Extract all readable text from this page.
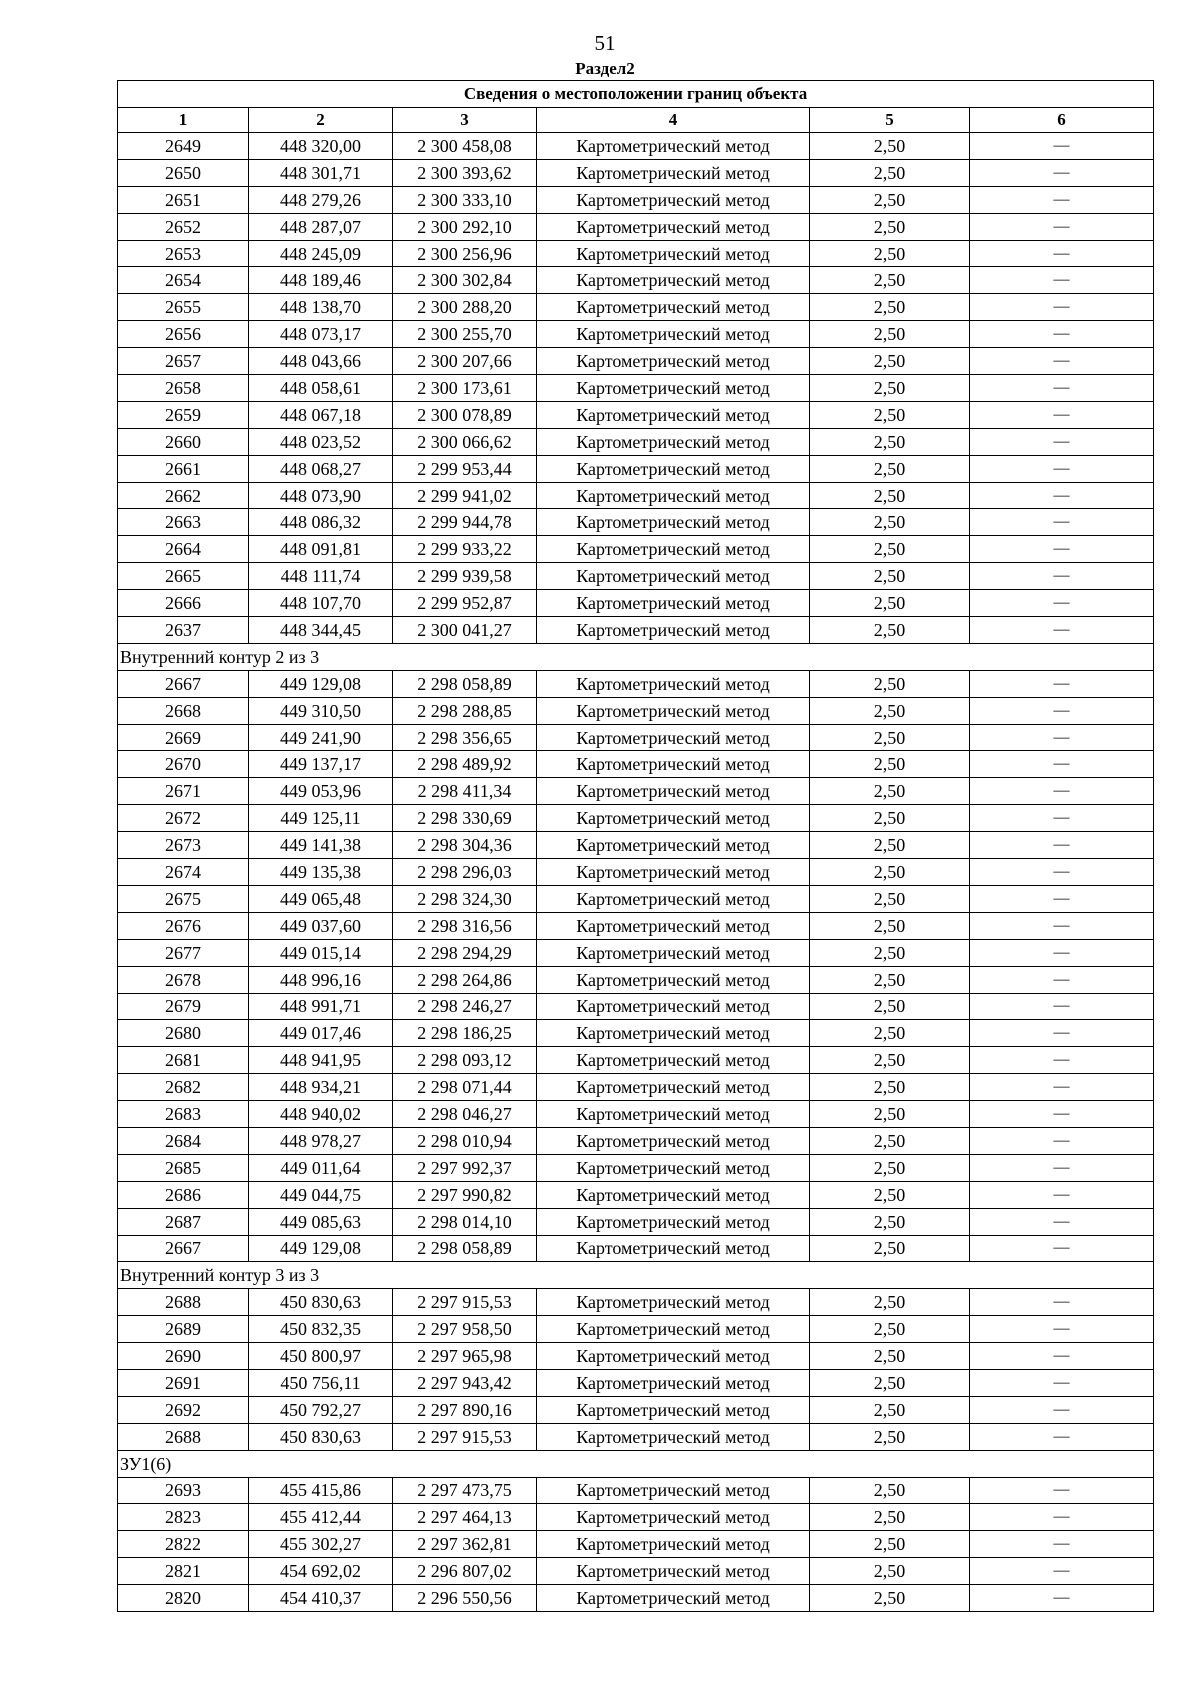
51
Раздел2
Сведения о местоположении границ объекта					
1	2	3	4	5	6
2649	448 320,00	2 300 458,08	Картометрический метод	2,50	—
2650	448 301,71	2 300 393,62	Картометрический метод	2,50	—
2651	448 279,26	2 300 333,10	Картометрический метод	2,50	—
2652	448 287,07	2 300 292,10	Картометрический метод	2,50	—
2653	448 245,09	2 300 256,96	Картометрический метод	2,50	—
2654	448 189,46	2 300 302,84	Картометрический метод	2,50	—
2655	448 138,70	2 300 288,20	Картометрический метод	2,50	—
2656	448 073,17	2 300 255,70	Картометрический метод	2,50	—
2657	448 043,66	2 300 207,66	Картометрический метод	2,50	—
2658	448 058,61	2 300 173,61	Картометрический метод	2,50	—
2659	448 067,18	2 300 078,89	Картометрический метод	2,50	—
2660	448 023,52	2 300 066,62	Картометрический метод	2,50	—
2661	448 068,27	2 299 953,44	Картометрический метод	2,50	—
2662	448 073,90	2 299 941,02	Картометрический метод	2,50	—
2663	448 086,32	2 299 944,78	Картометрический метод	2,50	—
2664	448 091,81	2 299 933,22	Картометрический метод	2,50	—
2665	448 111,74	2 299 939,58	Картометрический метод	2,50	—
2666	448 107,70	2 299 952,87	Картометрический метод	2,50	—
2637	448 344,45	2 300 041,27	Картометрический метод	2,50	—
Внутренний контур 2 из 3					
2667	449 129,08	2 298 058,89	Картометрический метод	2,50	—
2668	449 310,50	2 298 288,85	Картометрический метод	2,50	—
2669	449 241,90	2 298 356,65	Картометрический метод	2,50	—
2670	449 137,17	2 298 489,92	Картометрический метод	2,50	—
2671	449 053,96	2 298 411,34	Картометрический метод	2,50	—
2672	449 125,11	2 298 330,69	Картометрический метод	2,50	—
2673	449 141,38	2 298 304,36	Картометрический метод	2,50	—
2674	449 135,38	2 298 296,03	Картометрический метод	2,50	—
2675	449 065,48	2 298 324,30	Картометрический метод	2,50	—
2676	449 037,60	2 298 316,56	Картометрический метод	2,50	—
2677	449 015,14	2 298 294,29	Картометрический метод	2,50	—
2678	448 996,16	2 298 264,86	Картометрический метод	2,50	—
2679	448 991,71	2 298 246,27	Картометрический метод	2,50	—
2680	449 017,46	2 298 186,25	Картометрический метод	2,50	—
2681	448 941,95	2 298 093,12	Картометрический метод	2,50	—
2682	448 934,21	2 298 071,44	Картометрический метод	2,50	—
2683	448 940,02	2 298 046,27	Картометрический метод	2,50	—
2684	448 978,27	2 298 010,94	Картометрический метод	2,50	—
2685	449 011,64	2 297 992,37	Картометрический метод	2,50	—
2686	449 044,75	2 297 990,82	Картометрический метод	2,50	—
2687	449 085,63	2 298 014,10	Картометрический метод	2,50	—
2667	449 129,08	2 298 058,89	Картометрический метод	2,50	—
Внутренний контур 3 из 3					
2688	450 830,63	2 297 915,53	Картометрический метод	2,50	—
2689	450 832,35	2 297 958,50	Картометрический метод	2,50	—
2690	450 800,97	2 297 965,98	Картометрический метод	2,50	—
2691	450 756,11	2 297 943,42	Картометрический метод	2,50	—
2692	450 792,27	2 297 890,16	Картометрический метод	2,50	—
2688	450 830,63	2 297 915,53	Картометрический метод	2,50	—
ЗУ1(6)					
2693	455 415,86	2 297 473,75	Картометрический метод	2,50	—
2823	455 412,44	2 297 464,13	Картометрический метод	2,50	—
2822	455 302,27	2 297 362,81	Картометрический метод	2,50	—
2821	454 692,02	2 296 807,02	Картометрический метод	2,50	—
2820	454 410,37	2 296 550,56	Картометрический метод	2,50	—
